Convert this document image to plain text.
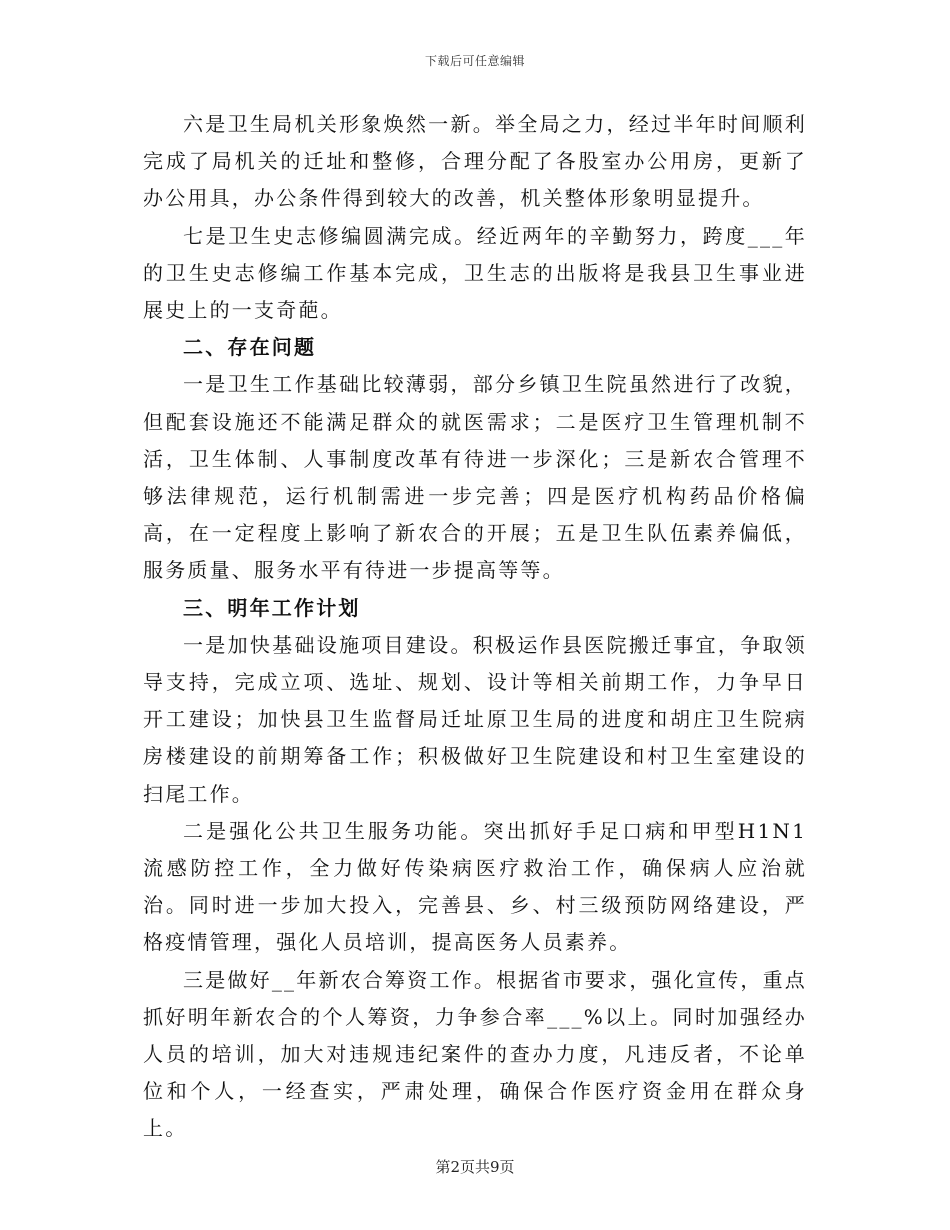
下载后可任意编辑

六是卫生局机关形象焕然一新。举全局之力，经过半年时间顺利完成了局机关的迁址和整修，合理分配了各股室办公用房，更新了办公用具，办公条件得到较大的改善，机关整体形象明显提升。

七是卫生史志修编圆满完成。经近两年的辛勤努力，跨度___年的卫生史志修编工作基本完成，卫生志的出版将是我县卫生事业进展史上的一支奇葩。

二、存在问题

一是卫生工作基础比较薄弱，部分乡镇卫生院虽然进行了改貌，但配套设施还不能满足群众的就医需求；二是医疗卫生管理机制不活，卫生体制、人事制度改革有待进一步深化；三是新农合管理不够法律规范，运行机制需进一步完善；四是医疗机构药品价格偏高，在一定程度上影响了新农合的开展；五是卫生队伍素养偏低，服务质量、服务水平有待进一步提高等等。

三、明年工作计划

一是加快基础设施项目建设。积极运作县医院搬迁事宜，争取领导支持，完成立项、选址、规划、设计等相关前期工作，力争早日开工建设；加快县卫生监督局迁址原卫生局的进度和胡庄卫生院病房楼建设的前期筹备工作；积极做好卫生院建设和村卫生室建设的扫尾工作。

二是强化公共卫生服务功能。突出抓好手足口病和甲型H1N1流感防控工作，全力做好传染病医疗救治工作，确保病人应治就治。同时进一步加大投入，完善县、乡、村三级预防网络建设，严格疫情管理，强化人员培训，提高医务人员素养。

三是做好__年新农合筹资工作。根据省市要求，强化宣传，重点抓好明年新农合的个人筹资，力争参合率___%以上。同时加强经办人员的培训，加大对违规违纪案件的查办力度，凡违反者，不论单位和个人，一经查实，严肃处理，确保合作医疗资金用在群众身上。

第2页共9页
